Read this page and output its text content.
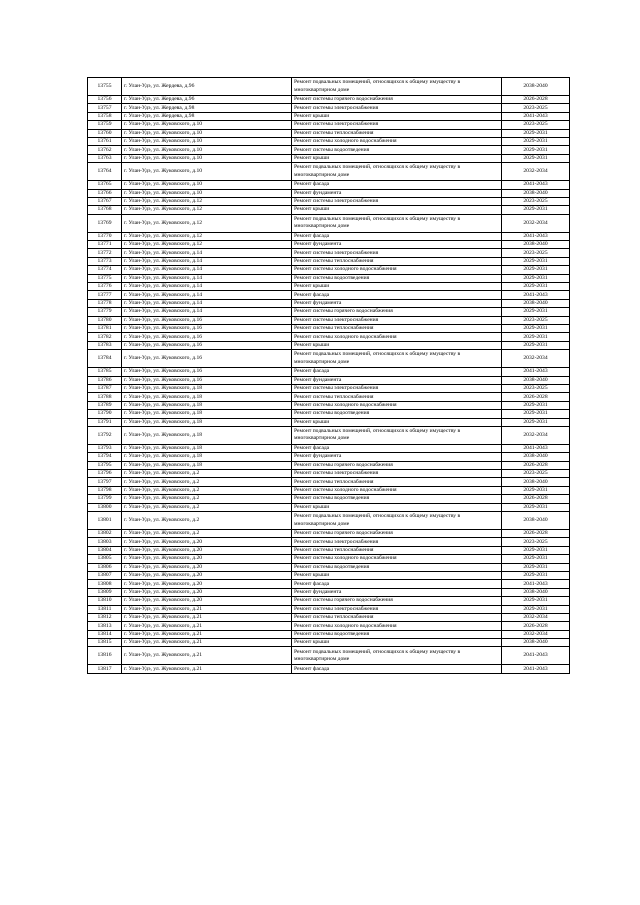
13755	г. Улан-Удэ, ул. Жердева, д.96	Ремонт подвальных помещений, относящихся к общему имуществу в многоквартирном доме	2038-2040
13756	г. Улан-Удэ, ул. Жердева, д.96	Ремонт системы горячего водоснабжения	2026-2028
13757	г. Улан-Удэ, ул. Жердева, д.98	Ремонт системы электроснабжения	2023-2025
13758	г. Улан-Удэ, ул. Жердева, д.98	Ремонт крыши	2041-2043
13759	г. Улан-Удэ, ул. Жуковского, д.10	Ремонт системы электроснабжения	2023-2025
13760	г. Улан-Удэ, ул. Жуковского, д.10	Ремонт системы теплоснабжения	2029-2031
13761	г. Улан-Удэ, ул. Жуковского, д.10	Ремонт системы холодного водоснабжения	2029-2031
13762	г. Улан-Удэ, ул. Жуковского, д.10	Ремонт системы водоотведения	2029-2031
13763	г. Улан-Удэ, ул. Жуковского, д.10	Ремонт крыши	2029-2031
13764	г. Улан-Удэ, ул. Жуковского, д.10	Ремонт подвальных помещений, относящихся к общему имуществу в многоквартирном доме	2032-2034
13765	г. Улан-Удэ, ул. Жуковского, д.10	Ремонт фасада	2041-2043
13766	г. Улан-Удэ, ул. Жуковского, д.10	Ремонт фундамента	2038-2040
13767	г. Улан-Удэ, ул. Жуковского, д.12	Ремонт системы электроснабжения	2023-2025
13768	г. Улан-Удэ, ул. Жуковского, д.12	Ремонт крыши	2029-2031
13769	г. Улан-Удэ, ул. Жуковского, д.12	Ремонт подвальных помещений, относящихся к общему имуществу в многоквартирном доме	2032-2034
13770	г. Улан-Удэ, ул. Жуковского, д.12	Ремонт фасада	2041-2043
13771	г. Улан-Удэ, ул. Жуковского, д.12	Ремонт фундамента	2038-2040
13772	г. Улан-Удэ, ул. Жуковского, д.14	Ремонт системы электроснабжения	2023-2025
13773	г. Улан-Удэ, ул. Жуковского, д.14	Ремонт системы теплоснабжения	2029-2031
13774	г. Улан-Удэ, ул. Жуковского, д.14	Ремонт системы холодного водоснабжения	2029-2031
13775	г. Улан-Удэ, ул. Жуковского, д.14	Ремонт системы водоотведения	2029-2031
13776	г. Улан-Удэ, ул. Жуковского, д.14	Ремонт крыши	2029-2031
13777	г. Улан-Удэ, ул. Жуковского, д.14	Ремонт фасада	2041-2043
13778	г. Улан-Удэ, ул. Жуковского, д.14	Ремонт фундамента	2038-2040
13779	г. Улан-Удэ, ул. Жуковского, д.14	Ремонт системы горячего водоснабжения	2029-2031
13780	г. Улан-Удэ, ул. Жуковского, д.16	Ремонт системы электроснабжения	2023-2025
13781	г. Улан-Удэ, ул. Жуковского, д.16	Ремонт системы теплоснабжения	2029-2031
13782	г. Улан-Удэ, ул. Жуковского, д.16	Ремонт системы холодного водоснабжения	2029-2031
13783	г. Улан-Удэ, ул. Жуковского, д.16	Ремонт крыши	2029-2031
13784	г. Улан-Удэ, ул. Жуковского, д.16	Ремонт подвальных помещений, относящихся к общему имуществу в многоквартирном доме	2032-2034
13785	г. Улан-Удэ, ул. Жуковского, д.16	Ремонт фасада	2041-2043
13786	г. Улан-Удэ, ул. Жуковского, д.16	Ремонт фундамента	2038-2040
13787	г. Улан-Удэ, ул. Жуковского, д.18	Ремонт системы электроснабжения	2023-2025
13788	г. Улан-Удэ, ул. Жуковского, д.18	Ремонт системы теплоснабжения	2026-2028
13789	г. Улан-Удэ, ул. Жуковского, д.18	Ремонт системы холодного водоснабжения	2029-2031
13790	г. Улан-Удэ, ул. Жуковского, д.18	Ремонт системы водоотведения	2029-2031
13791	г. Улан-Удэ, ул. Жуковского, д.18	Ремонт крыши	2029-2031
13792	г. Улан-Удэ, ул. Жуковского, д.18	Ремонт подвальных помещений, относящихся к общему имуществу в многоквартирном доме	2032-2034
13793	г. Улан-Удэ, ул. Жуковского, д.18	Ремонт фасада	2041-2043
13794	г. Улан-Удэ, ул. Жуковского, д.18	Ремонт фундамента	2038-2040
13795	г. Улан-Удэ, ул. Жуковского, д.18	Ремонт системы горячего водоснабжения	2026-2028
13796	г. Улан-Удэ, ул. Жуковского, д.2	Ремонт системы электроснабжения	2023-2025
13797	г. Улан-Удэ, ул. Жуковского, д.2	Ремонт системы теплоснабжения	2038-2040
13798	г. Улан-Удэ, ул. Жуковского, д.2	Ремонт системы холодного водоснабжения	2029-2031
13799	г. Улан-Удэ, ул. Жуковского, д.2	Ремонт системы водоотведения	2026-2028
13800	г. Улан-Удэ, ул. Жуковского, д.2	Ремонт крыши	2029-2031
13801	г. Улан-Удэ, ул. Жуковского, д.2	Ремонт подвальных помещений, относящихся к общему имуществу в многоквартирном доме	2038-2040
13802	г. Улан-Удэ, ул. Жуковского, д.2	Ремонт системы горячего водоснабжения	2026-2028
13803	г. Улан-Удэ, ул. Жуковского, д.20	Ремонт системы электроснабжения	2023-2025
13804	г. Улан-Удэ, ул. Жуковского, д.20	Ремонт системы теплоснабжения	2029-2031
13805	г. Улан-Удэ, ул. Жуковского, д.20	Ремонт системы холодного водоснабжения	2029-2031
13806	г. Улан-Удэ, ул. Жуковского, д.20	Ремонт системы водоотведения	2029-2031
13807	г. Улан-Удэ, ул. Жуковского, д.20	Ремонт крыши	2029-2031
13808	г. Улан-Удэ, ул. Жуковского, д.20	Ремонт фасада	2041-2043
13809	г. Улан-Удэ, ул. Жуковского, д.20	Ремонт фундамента	2038-2040
13810	г. Улан-Удэ, ул. Жуковского, д.20	Ремонт системы горячего водоснабжения	2029-2031
13811	г. Улан-Удэ, ул. Жуковского, д.21	Ремонт системы электроснабжения	2029-2031
13812	г. Улан-Удэ, ул. Жуковского, д.21	Ремонт системы теплоснабжения	2032-2034
13813	г. Улан-Удэ, ул. Жуковского, д.21	Ремонт системы холодного водоснабжения	2026-2028
13814	г. Улан-Удэ, ул. Жуковского, д.21	Ремонт системы водоотведения	2032-2034
13815	г. Улан-Удэ, ул. Жуковского, д.21	Ремонт крыши	2038-2040
13816	г. Улан-Удэ, ул. Жуковского, д.21	Ремонт подвальных помещений, относящихся к общему имуществу в многоквартирном доме	2041-2043
13817	г. Улан-Удэ, ул. Жуковского, д.21	Ремонт фасада	2041-2043
